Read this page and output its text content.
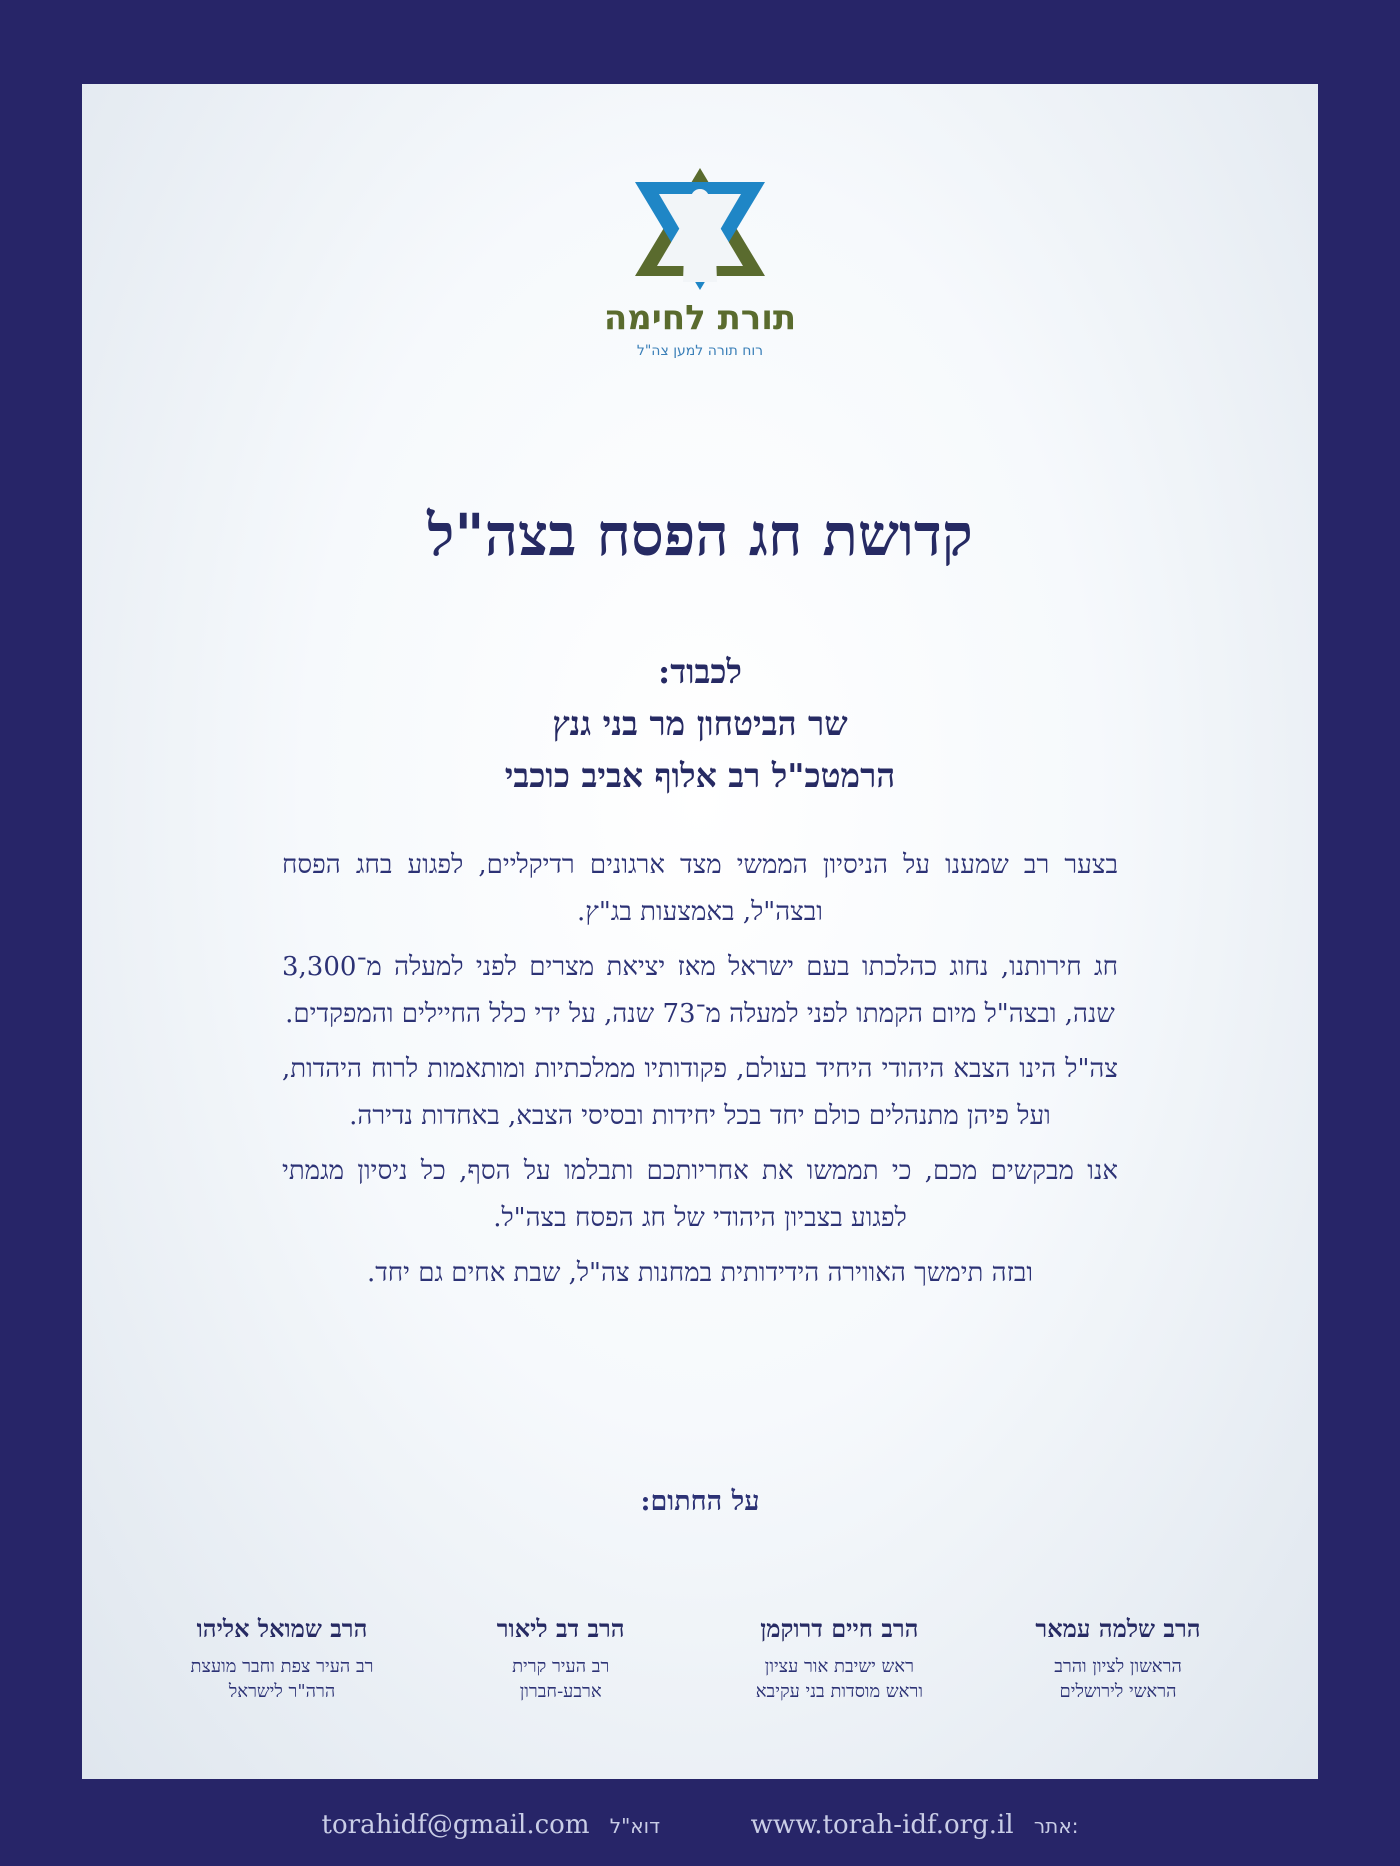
תורת לחימה
רוח תורה למען צה"ל
קדושת חג הפסח בצה"ל
לכבוד:
שר הביטחון מר בני גנץ
הרמטכ"ל רב אלוף אביב כוכבי

בצער רב שמענו על הניסיון הממשי מצד ארגונים רדיקליים, לפגוע בחג הפסח ובצה"ל, באמצעות בג"ץ.

חג חירותנו, נחוג כהלכתו בעם ישראל מאז יציאת מצרים לפני למעלה מ־3,300 שנה, ובצה"ל מיום הקמתו לפני למעלה מ־73 שנה, על ידי כלל החיילים והמפקדים.

צה"ל הינו הצבא היהודי היחיד בעולם, פקודותיו ממלכתיות ומותאמות לרוח היהדות, ועל פיהן מתנהלים כולם יחד בכל יחידות ובסיסי הצבא, באחדות נדירה.

אנו מבקשים מכם, כי תממשו את אחריותכם ותבלמו על הסף, כל ניסיון מגמתי לפגוע בצביון היהודי של חג הפסח בצה"ל.

ובזה תימשך האווירה הידידותית במחנות צה"ל, שבת אחים גם יחד.

על החתום:
הרב שלמה עמאר
הראשון לציון והרב
הראשי לירושלים
הרב חיים דרוקמן
ראש ישיבת אור עציון
וראש מוסדות בני עקיבא
הרב דב ליאור
רב העיר קרית
ארבע-חברון
הרב שמואל אליהו
רב העיר צפת וחבר מועצת
הרה"ר לישראל
torahidf@gmail.com דוא"ל	www.torah-idf.org.il אתר:
